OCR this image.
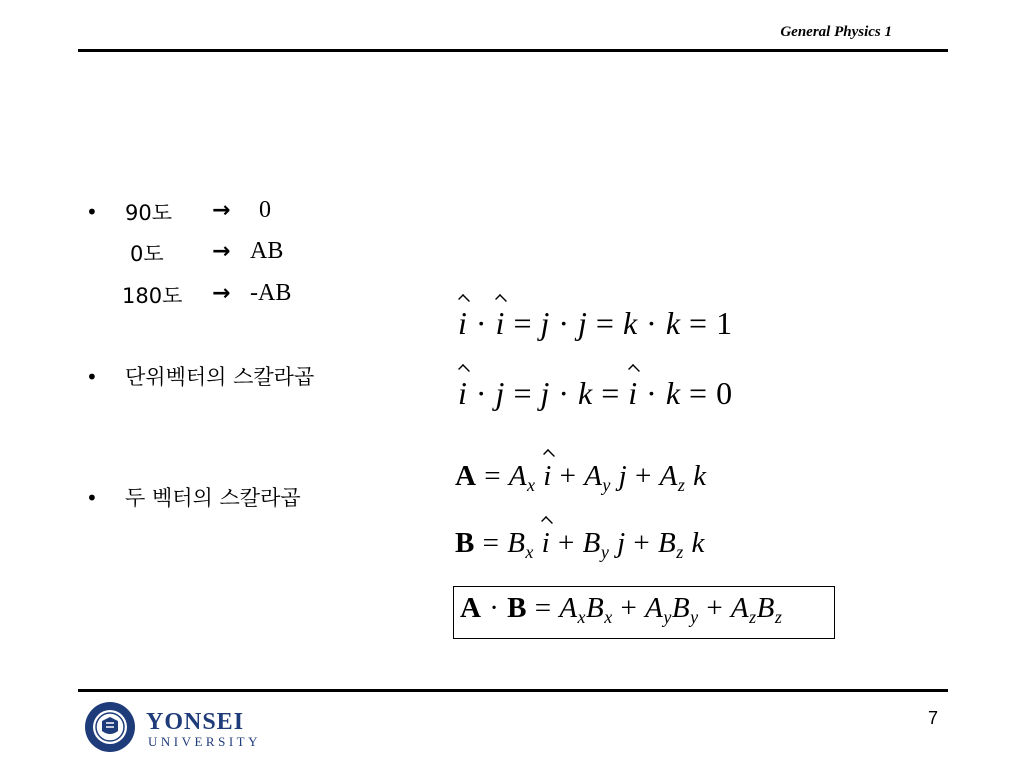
General Physics 1
• 90도 → 0
0도 → AB
180도 → -AB
• 단위벡터의 스칼라곱
• 두 벡터의 스칼라곱
i · i = j · j = k · k = 1
i · j = j · k = i · k = 0
$A = A_x$ $i + A_y$ $j + A_z$ k
$B = B_x$ $i + B_y$ $j + B_z$ k
$A \cdot B = A_xB_x + A_yB_y + A_zB_z$
YONSEI
UNIVERSITY
7
